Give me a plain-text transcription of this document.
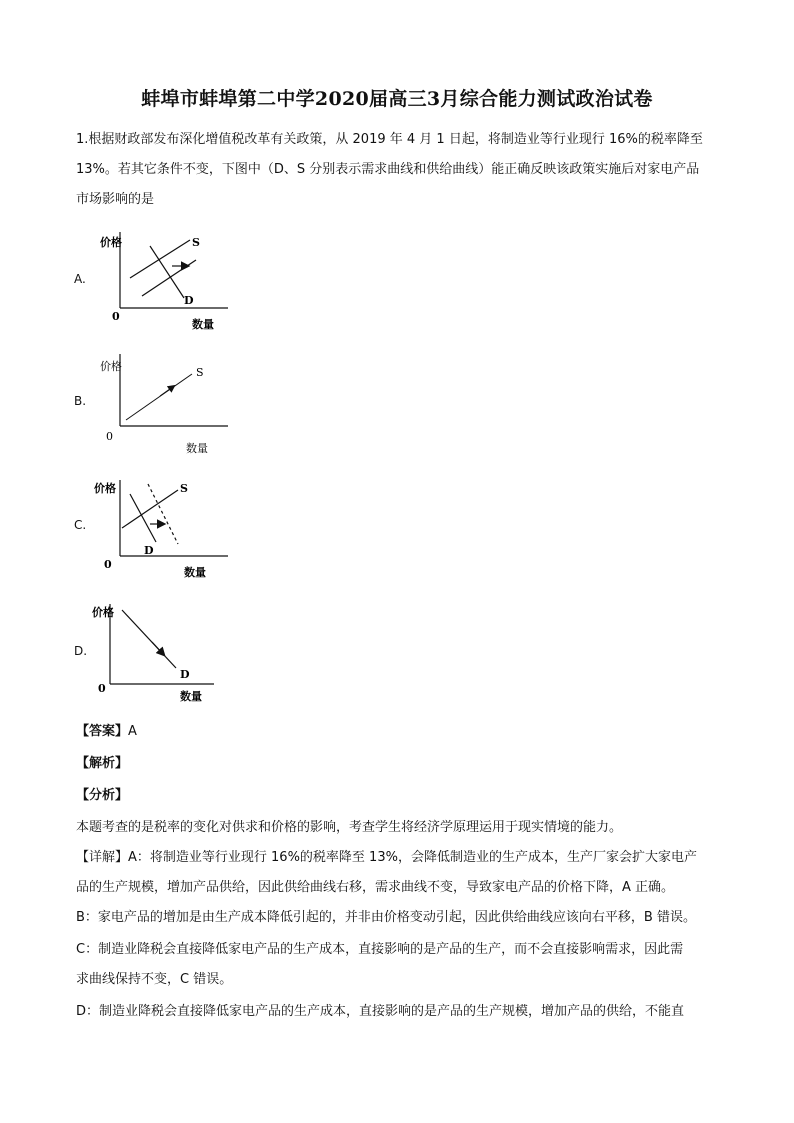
蚌埠市蚌埠第二中学2020届高三3月综合能力测试政治试卷
1.根据财政部发布深化增值税改革有关政策，从 2019 年 4 月 1 日起，将制造业等行业现行 16%的税率降至
13%。若其它条件不变，下图中（D、S 分别表示需求曲线和供给曲线）能正确反映该政策实施后对家电产品
市场影响的是
A.
价格
0
数量
S
D
B.
价格
0
数量
S
C.
价格
0
数量
S
D
D.
价格
0
数量
D
【答案】A
【解析】
【分析】
本题考查的是税率的变化对供求和价格的影响，考查学生将经济学原理运用于现实情境的能力。
【详解】A：将制造业等行业现行 16%的税率降至 13%，会降低制造业的生产成本，生产厂家会扩大家电产
品的生产规模，增加产品供给，因此供给曲线右移，需求曲线不变，导致家电产品的价格下降，A 正确。
B：家电产品的增加是由生产成本降低引起的，并非由价格变动引起，因此供给曲线应该向右平移，B 错误。
C：制造业降税会直接降低家电产品的生产成本，直接影响的是产品的生产，而不会直接影响需求，因此需
求曲线保持不变，C 错误。
D：制造业降税会直接降低家电产品的生产成本，直接影响的是产品的生产规模，增加产品的供给，不能直
